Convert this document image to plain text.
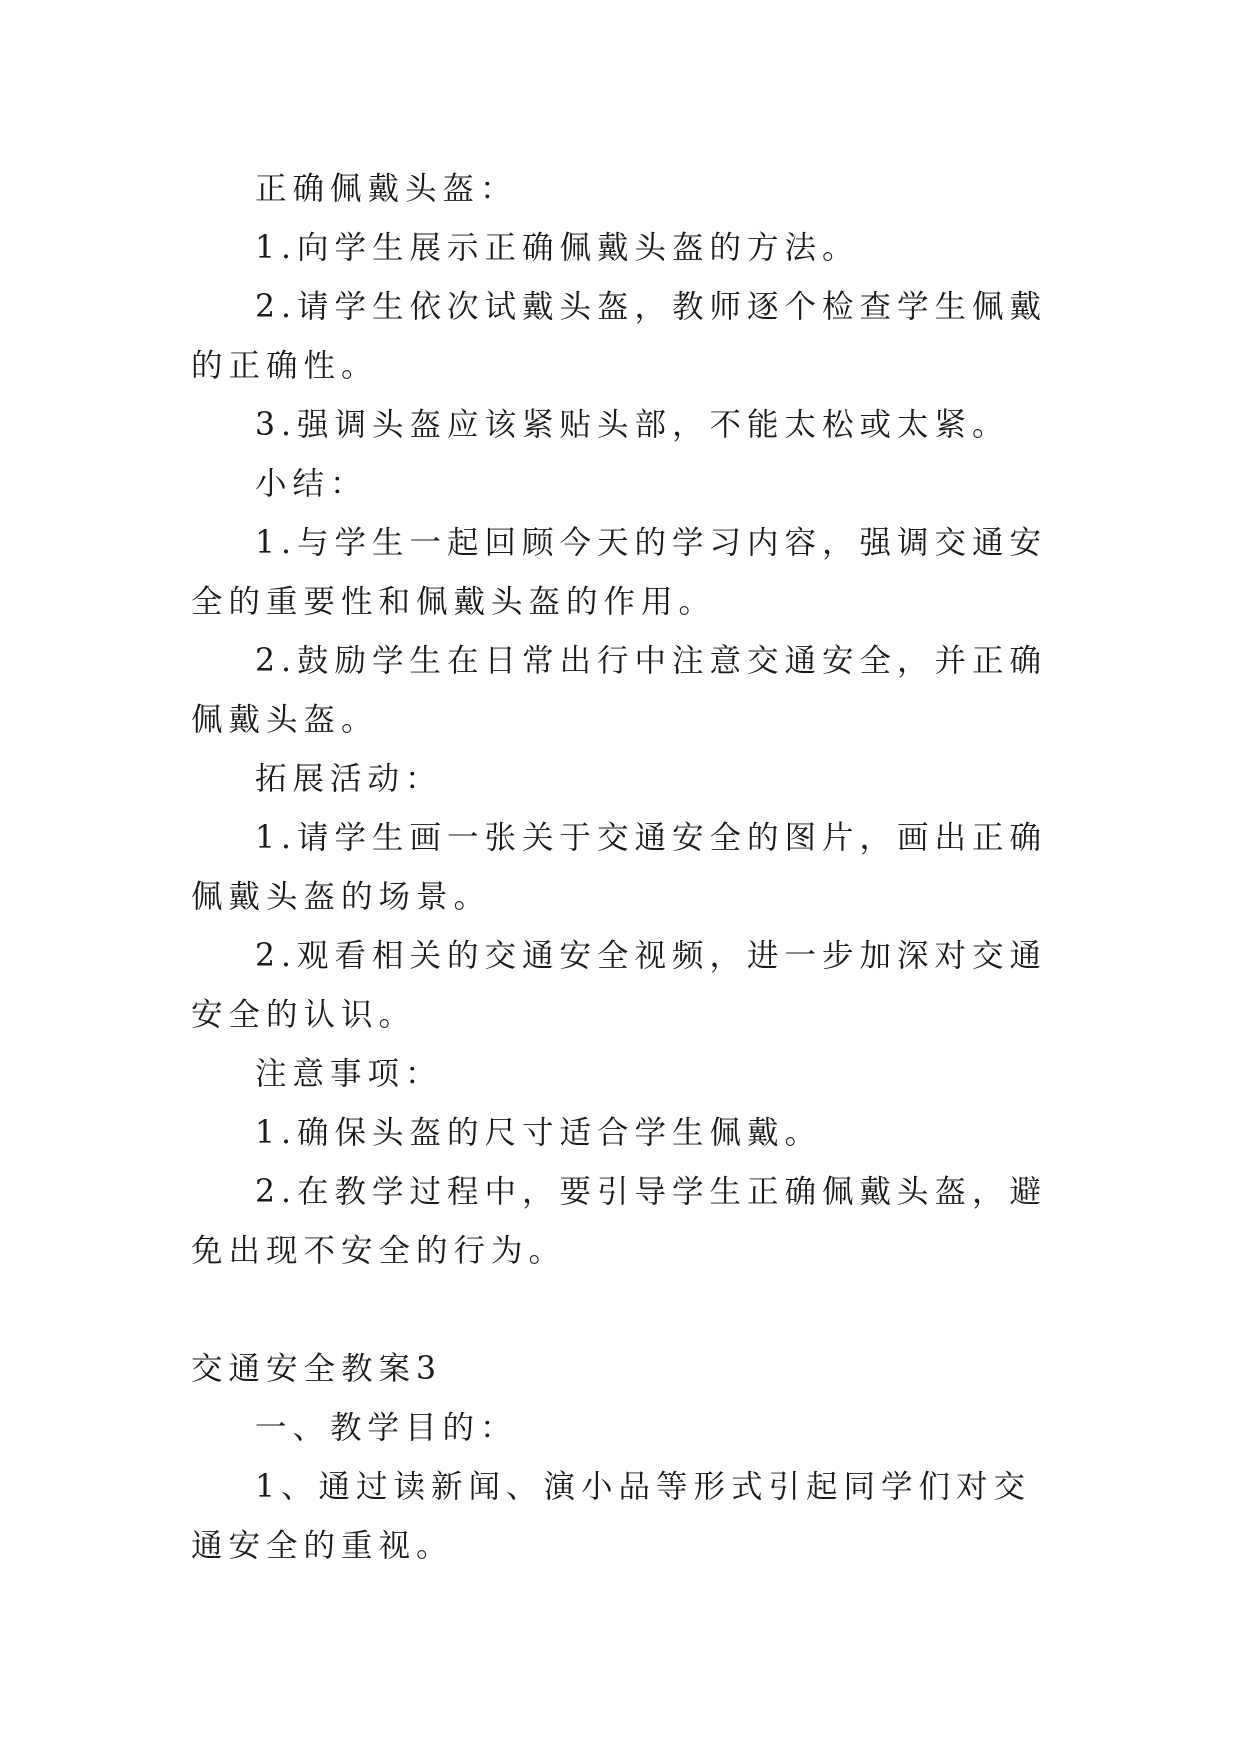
正确佩戴头盔：

1.向学生展示正确佩戴头盔的方法。

2.请学生依次试戴头盔，教师逐个检查学生佩戴的正确性。

3.强调头盔应该紧贴头部，不能太松或太紧。

小结：

1.与学生一起回顾今天的学习内容，强调交通安全的重要性和佩戴头盔的作用。

2.鼓励学生在日常出行中注意交通安全，并正确佩戴头盔。

拓展活动：

1.请学生画一张关于交通安全的图片，画出正确佩戴头盔的场景。

2.观看相关的交通安全视频，进一步加深对交通安全的认识。

注意事项：

1.确保头盔的尺寸适合学生佩戴。

2.在教学过程中，要引导学生正确佩戴头盔，避免出现不安全的行为。

交通安全教案3

一、教学目的：

1、通过读新闻、演小品等形式引起同学们对交通安全的重视。
